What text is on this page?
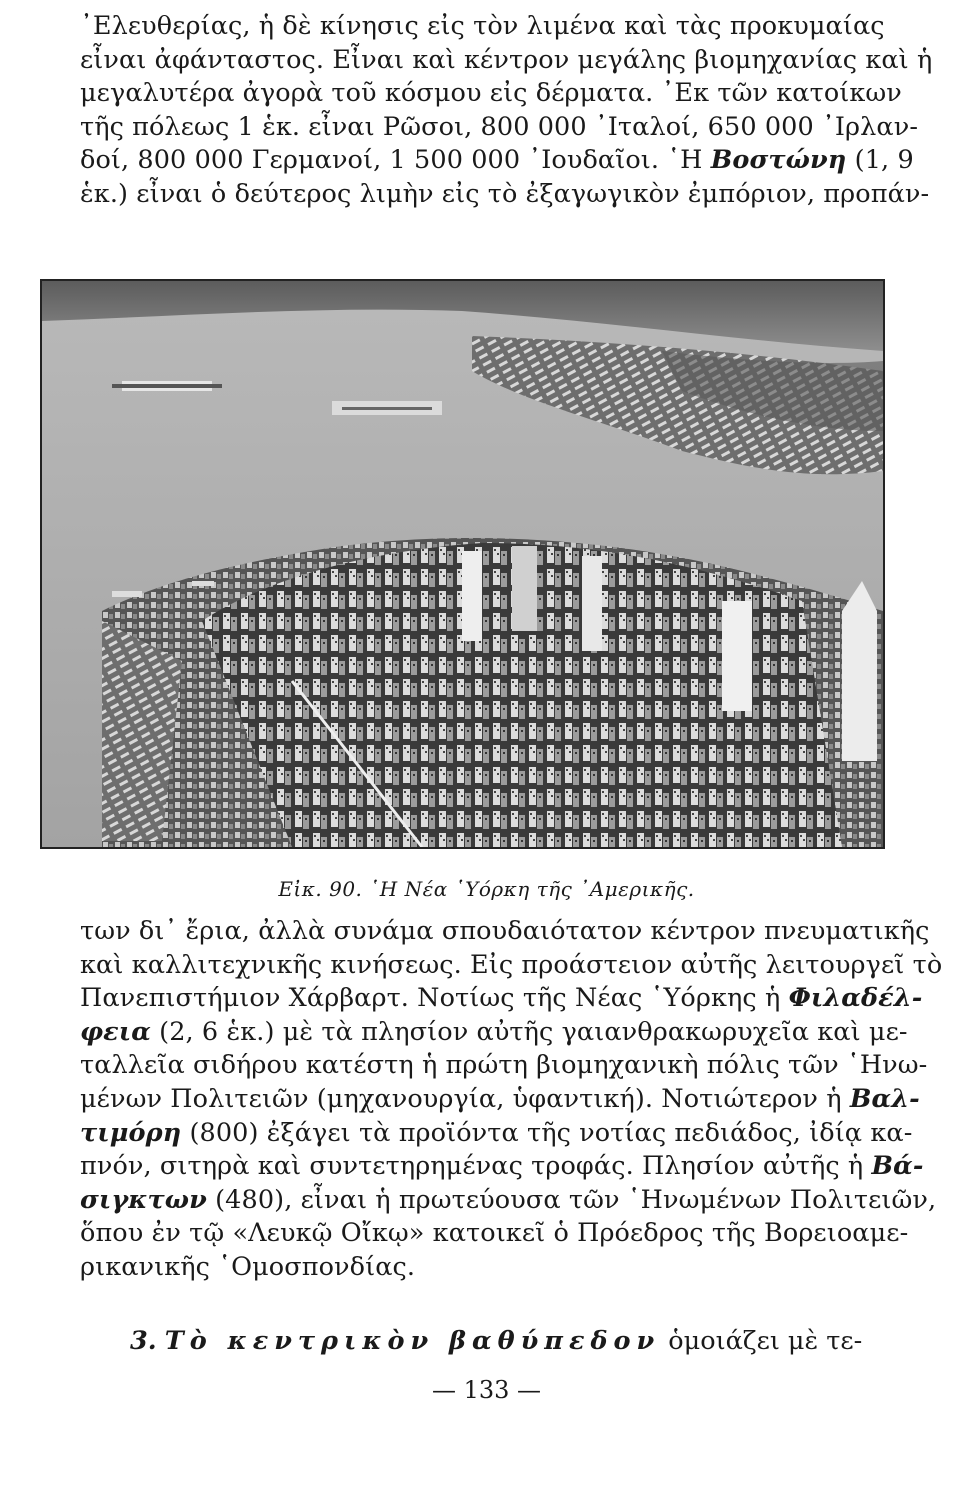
᾿Ελευθερίας, ἡ δὲ κίνησις εἰς τὸν λιμένα καὶ τὰς προκυμαίας
εἶναι ἀφάνταστος. Εἶναι καὶ κέντρον μεγάλης βιομηχανίας καὶ ἡ
μεγαλυτέρα ἀγορὰ τοῦ κόσμου εἰς δέρματα. ᾿Εκ τῶν κατοίκων
τῆς πόλεως 1 ἑκ. εἶναι Ρῶσοι, 800 000 ᾿Ιταλοί, 650 000 ᾿Ιρλαν-
δοί, 800 000 Γερμανοί, 1 500 000 ᾿Ιουδαῖοι. ῾Η Βοστώνη (1, 9
ἑκ.) εἶναι ὁ δεύτερος λιμὴν εἰς τὸ ἐξαγωγικὸν ἐμπόριον, προπάν-
Εἰκ. 90. ῾Η Νέα ῾Υόρκη τῆς ᾿Αμερικῆς.
των δι᾿ ἔρια, ἀλλὰ συνάμα σπουδαιότατον κέντρον πνευματικῆς
καὶ καλλιτεχνικῆς κινήσεως. Εἰς προάστειον αὐτῆς λειτουργεῖ τὸ
Πανεπιστήμιον Χάρβαρτ. Νοτίως τῆς Νέας ῾Υόρκης ἡ Φιλαδέλ-
φεια (2, 6 ἑκ.) μὲ τὰ πλησίον αὐτῆς γαιανθρακωρυχεῖα καὶ με-
ταλλεῖα σιδήρου κατέστη ἡ πρώτη βιομηχανικὴ πόλις τῶν ῾Ηνω-
μένων Πολιτειῶν (μηχανουργία, ὑφαντική). Νοτιώτερον ἡ Βαλ-
τιμόρη (800) ἐξάγει τὰ προϊόντα τῆς νοτίας πεδιάδος, ἰδίᾳ κα-
πνόν, σιτηρὰ καὶ συντετηρημένας τροφάς. Πλησίον αὐτῆς ἡ Βά-
σιγκτων (480), εἶναι ἡ πρωτεύουσα τῶν ῾Ηνωμένων Πολιτειῶν,
ὅπου ἐν τῷ «Λευκῷ Οἴκῳ» κατοικεῖ ὁ Πρόεδρος τῆς Βορειοαμε-
ρικανικῆς ῾Ομοσπονδίας.
3. Τὸ κεντρικὸν βαθύπεδον ὁμοιάζει μὲ τε-
— 133 —
